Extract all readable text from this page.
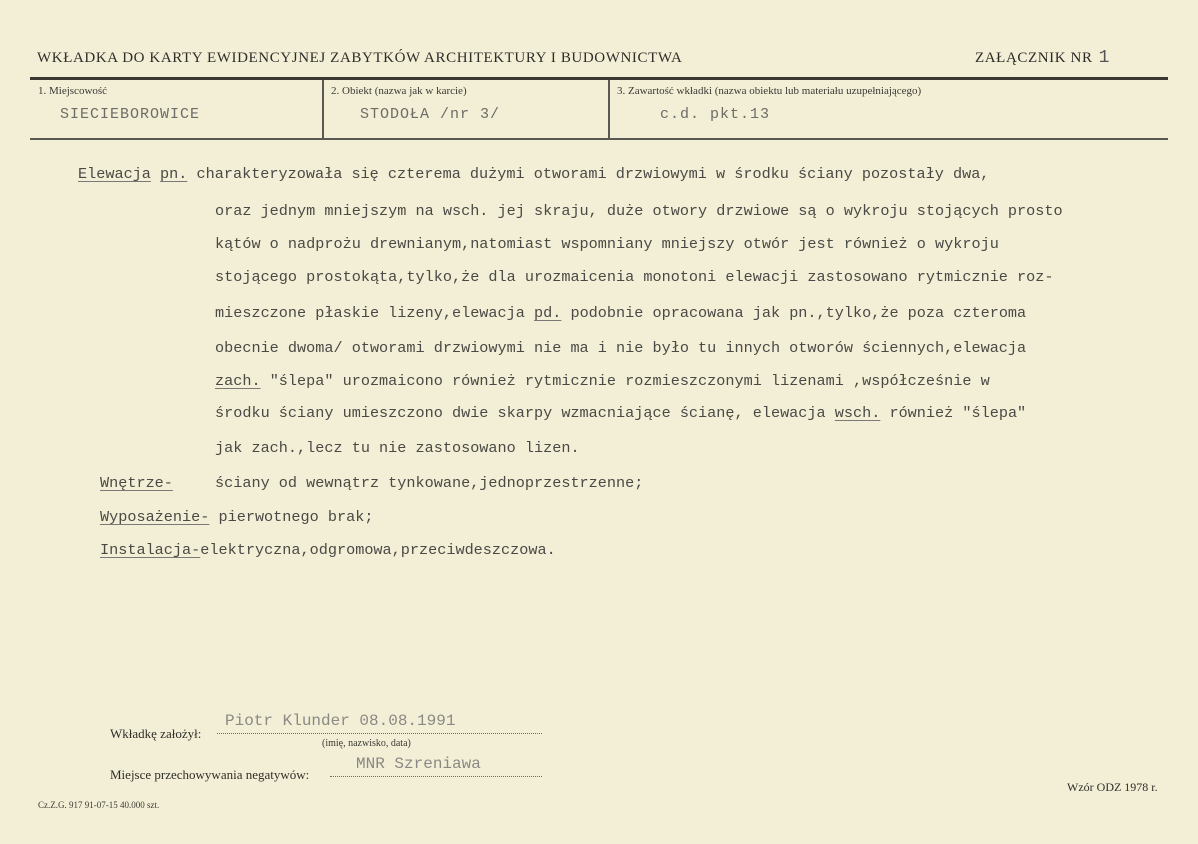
WKŁADKA DO KARTY EWIDENCYJNEJ ZABYTKÓW ARCHITEKTURY I BUDOWNICTWA	ZAŁĄCZNIK NR 1
1. Miejscowość
SIECIEBOROWICE
2. Obiekt (nazwa jak w karcie)
STODOŁA /nr 3/
3. Zawartość wkładki (nazwa obiektu lub materiału uzupełniającego)
c.d. pkt.13
Elewacja pn. charakteryzowała się czterema dużymi otworami drzwiowymi w środku ściany pozostały dwa,
oraz jednym mniejszym na wsch. jej skraju, duże otwory drzwiowe są o wykroju stojących prosto
kątów o nadprożu drewnianym,natomiast wspomniany mniejszy otwór jest również o wykroju
stojącego prostokąta,tylko,że dla urozmaicenia monotoni elewacji zastosowano rytmicznie roz-
mieszczone płaskie lizeny,elewacja pd. podobnie opracowana jak pn.,tylko,że poza czteroma
obecnie dwoma/ otworami drzwiowymi nie ma i nie było tu innych otworów ściennych,elewacja
zach. "ślepa" urozmaicono również rytmicznie rozmieszczonymi lizenami ,współcześnie w
środku ściany umieszczono dwie skarpy wzmacniające ścianę, elewacja wsch. również "ślepa"
jak zach.,lecz tu nie zastosowano lizen.
Wnętrze-	ściany od wewnątrz tynkowane,jednoprzestrzenne;
Wyposażenie- pierwotnego brak;
Instalacja-elektryczna,odgromowa,przeciwdeszczowa.
Wkładkę założył:
Piotr Klunder 08.08.1991
(imię, nazwisko, data)
Miejsce przechowywania negatywów:
MNR Szreniawa
Cz.Z.G. 917 91-07-15 40.000 szt.
Wzór ODZ 1978 r.
